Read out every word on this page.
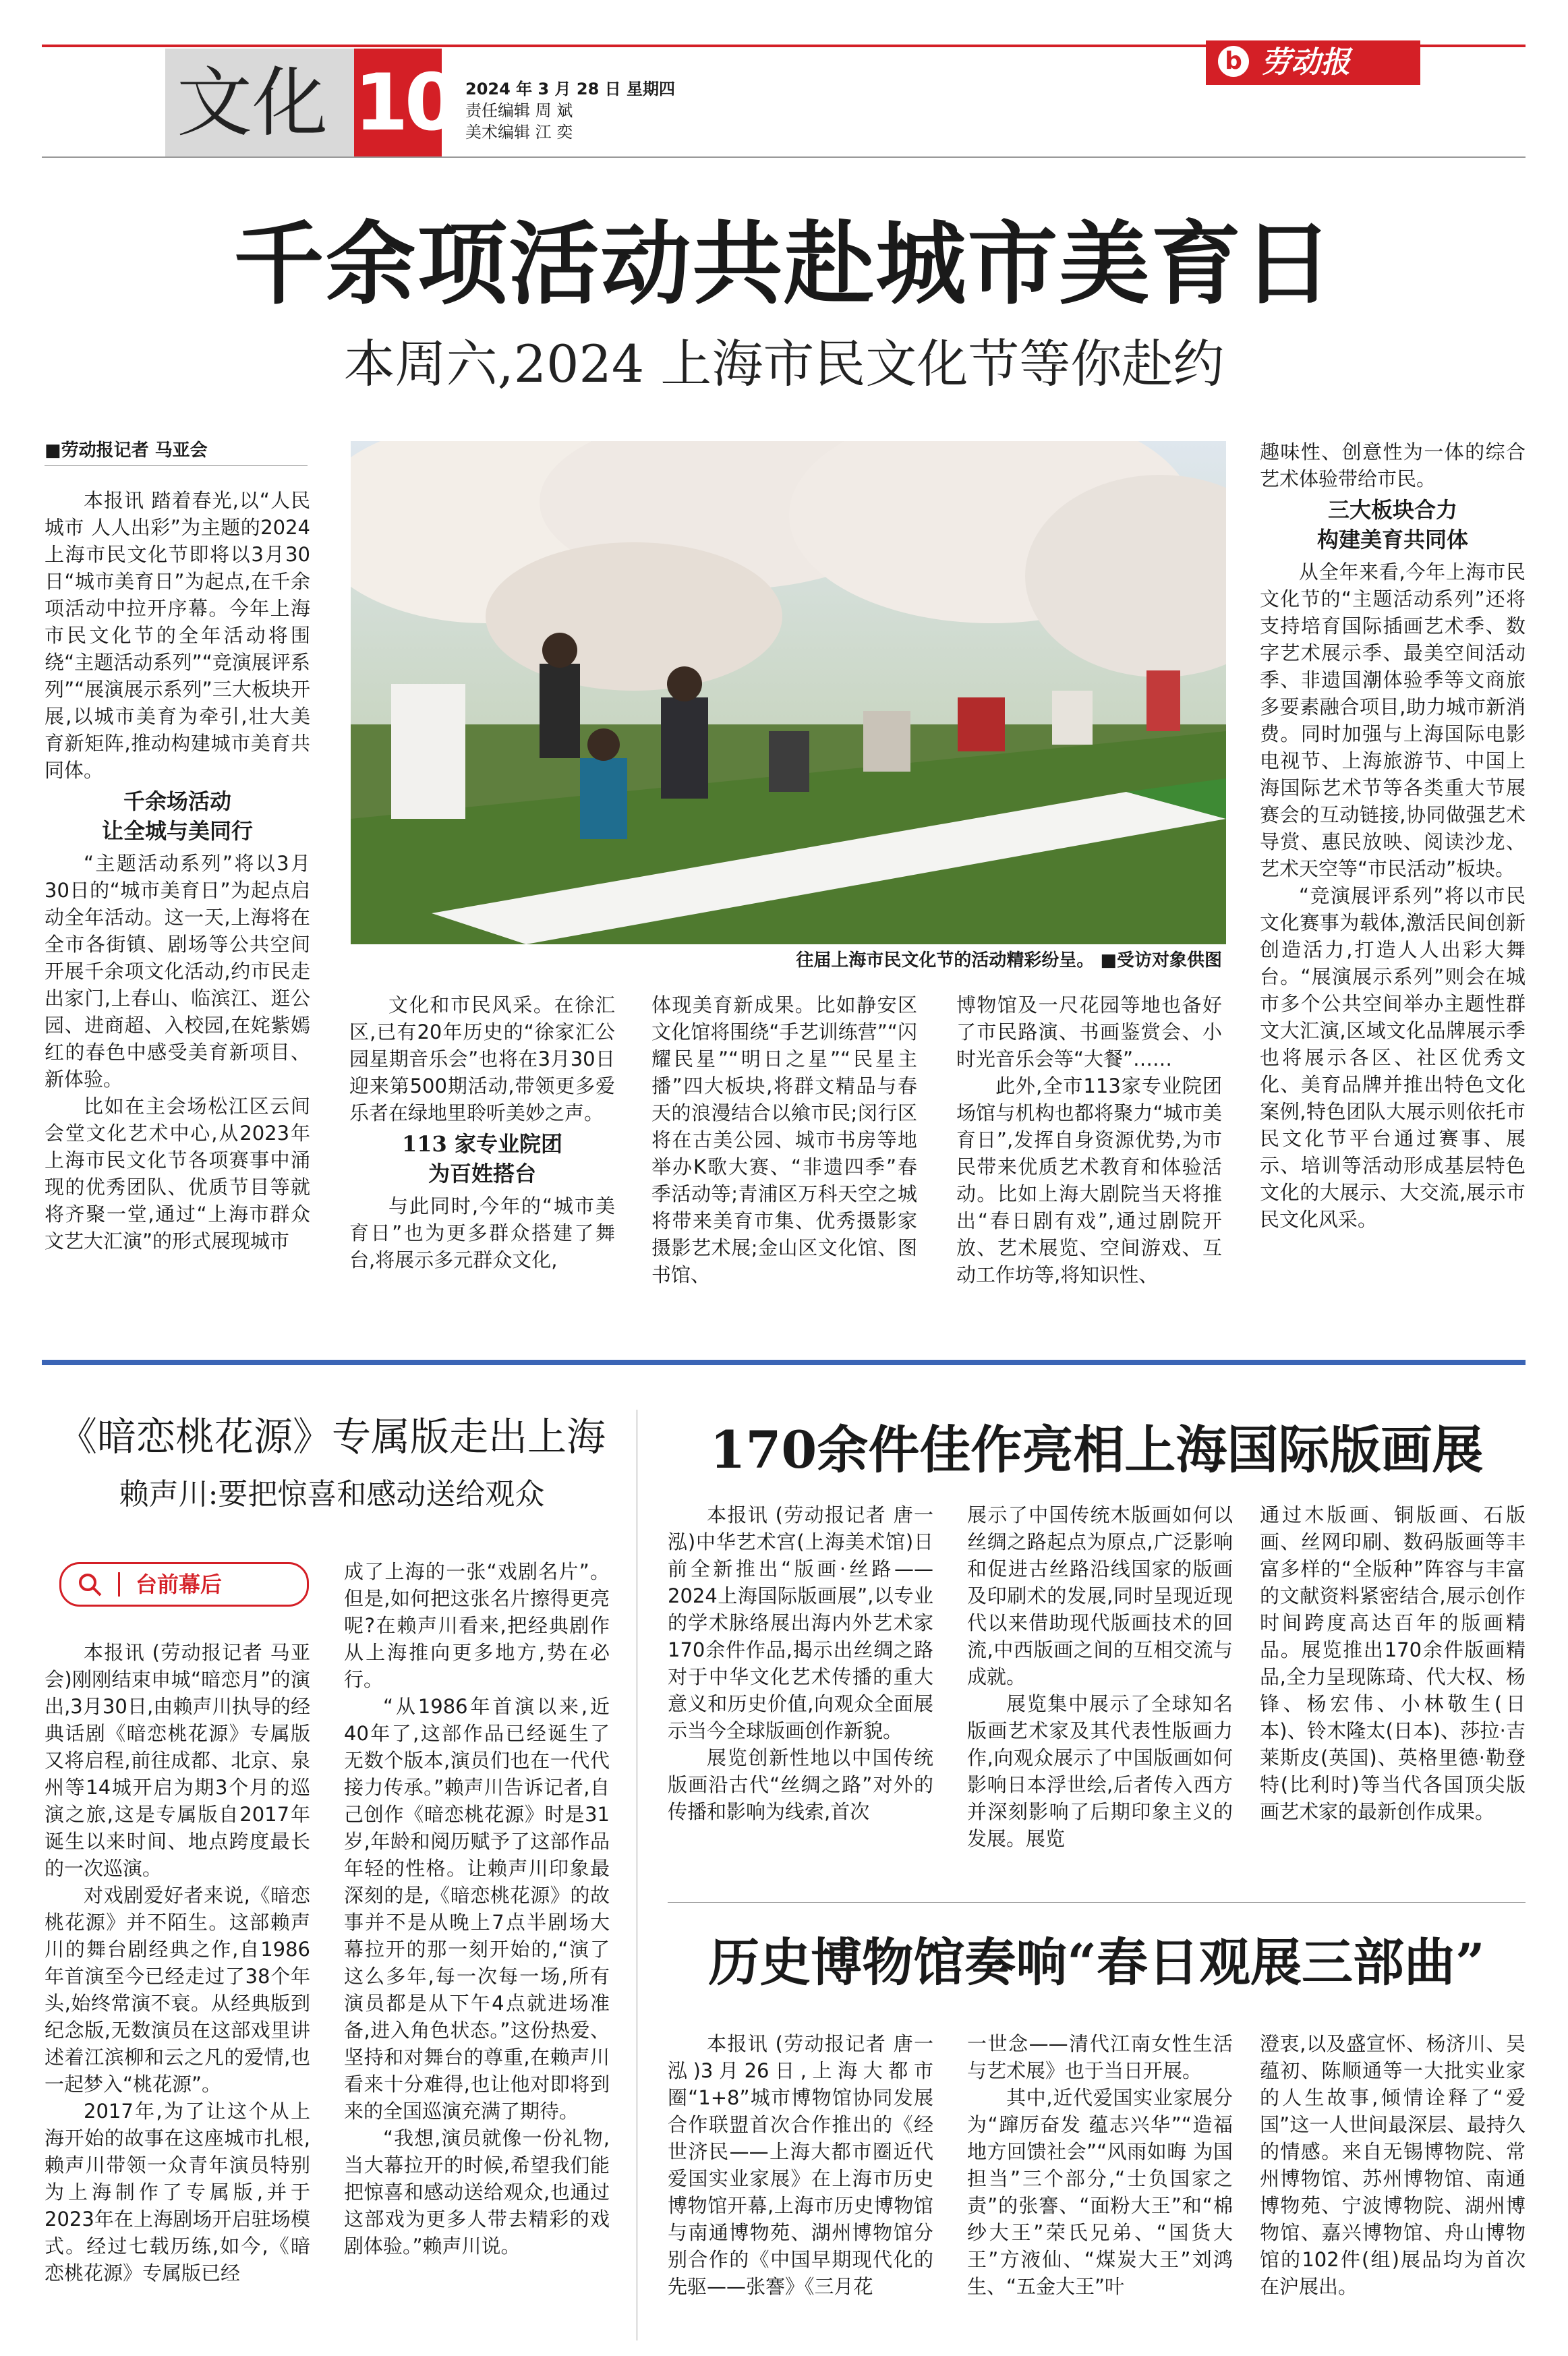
文化 10 2024 年 3 月 28 日 星期四
责任编辑 周 斌
美术编辑 江 奕
b 劳动报
千余项活动共赴城市美育日
本周六,2024 上海市民文化节等你赴约
■劳动报记者 马亚会
往届上海市民文化节的活动精彩纷呈。 ■受访对象供图

本报讯 踏着春光,以“人民城市 人人出彩”为主题的2024上海市民文化节即将以3月30日“城市美育日”为起点,在千余项活动中拉开序幕。今年上海市民文化节的全年活动将围绕“主题活动系列”“竞演展评系列”“展演展示系列”三大板块开展,以城市美育为牵引,壮大美育新矩阵,推动构建城市美育共同体。

千余场活动
让全城与美同行

“主题活动系列”将以3月30日的“城市美育日”为起点启动全年活动。这一天,上海将在全市各街镇、剧场等公共空间开展千余项文化活动,约市民走出家门,上春山、临滨江、逛公园、进商超、入校园,在姹紫嫣红的春色中感受美育新项目、新体验。

比如在主会场松江区云间会堂文化艺术中心,从2023年上海市民文化节各项赛事中涌现的优秀团队、优质节目等就将齐聚一堂,通过“上海市群众文艺大汇演”的形式展现城市

文化和市民风采。在徐汇区,已有20年历史的“徐家汇公园星期音乐会”也将在3月30日迎来第500期活动,带领更多爱乐者在绿地里聆听美妙之声。

113 家专业院团
为百姓搭台

与此同时,今年的“城市美育日”也为更多群众搭建了舞台,将展示多元群众文化,

体现美育新成果。比如静安区文化馆将围绕“手艺训练营”“闪耀民星”“明日之星”“民星主播”四大板块,将群文精品与春天的浪漫结合以飨市民;闵行区将在古美公园、城市书房等地举办K歌大赛、“非遗四季”春季活动等;青浦区万科天空之城将带来美育市集、优秀摄影家摄影艺术展;金山区文化馆、图书馆、

博物馆及一尺花园等地也备好了市民路演、书画鉴赏会、小时光音乐会等“大餐”……

此外,全市113家专业院团场馆与机构也都将聚力“城市美育日”,发挥自身资源优势,为市民带来优质艺术教育和体验活动。比如上海大剧院当天将推出“春日剧有戏”,通过剧院开放、艺术展览、空间游戏、互动工作坊等,将知识性、

趣味性、创意性为一体的综合艺术体验带给市民。

三大板块合力
构建美育共同体

从全年来看,今年上海市民文化节的“主题活动系列”还将支持培育国际插画艺术季、数字艺术展示季、最美空间活动季、非遗国潮体验季等文商旅多要素融合项目,助力城市新消费。同时加强与上海国际电影电视节、上海旅游节、中国上海国际艺术节等各类重大节展赛会的互动链接,协同做强艺术导赏、惠民放映、阅读沙龙、艺术天空等“市民活动”板块。

“竞演展评系列”将以市民文化赛事为载体,激活民间创新创造活力,打造人人出彩大舞台。“展演展示系列”则会在城市多个公共空间举办主题性群文大汇演,区域文化品牌展示季也将展示各区、社区优秀文化、美育品牌并推出特色文化案例,特色团队大展示则依托市民文化节平台通过赛事、展示、培训等活动形成基层特色文化的大展示、大交流,展示市民文化风采。

《暗恋桃花源》专属版走出上海
赖声川:要把惊喜和感动送给观众
台前幕后

本报讯 (劳动报记者 马亚会)刚刚结束申城“暗恋月”的演出,3月30日,由赖声川执导的经典话剧《暗恋桃花源》专属版又将启程,前往成都、北京、泉州等14城开启为期3个月的巡演之旅,这是专属版自2017年诞生以来时间、地点跨度最长的一次巡演。

对戏剧爱好者来说,《暗恋桃花源》并不陌生。这部赖声川的舞台剧经典之作,自1986年首演至今已经走过了38个年头,始终常演不衰。从经典版到纪念版,无数演员在这部戏里讲述着江滨柳和云之凡的爱情,也一起梦入“桃花源”。

2017年,为了让这个从上海开始的故事在这座城市扎根,赖声川带领一众青年演员特别为上海制作了专属版,并于2023年在上海剧场开启驻场模式。经过七载历练,如今,《暗恋桃花源》专属版已经

成了上海的一张“戏剧名片”。但是,如何把这张名片擦得更亮呢?在赖声川看来,把经典剧作从上海推向更多地方,势在必行。

“从1986年首演以来,近40年了,这部作品已经诞生了无数个版本,演员们也在一代代接力传承。”赖声川告诉记者,自己创作《暗恋桃花源》时是31岁,年龄和阅历赋予了这部作品年轻的性格。让赖声川印象最深刻的是,《暗恋桃花源》的故事并不是从晚上7点半剧场大幕拉开的那一刻开始的,“演了这么多年,每一次每一场,所有演员都是从下午4点就进场准备,进入角色状态。”这份热爱、坚持和对舞台的尊重,在赖声川看来十分难得,也让他对即将到来的全国巡演充满了期待。

“我想,演员就像一份礼物,当大幕拉开的时候,希望我们能把惊喜和感动送给观众,也通过这部戏为更多人带去精彩的戏剧体验。”赖声川说。

170余件佳作亮相上海国际版画展

本报讯 (劳动报记者 唐一泓)中华艺术宫(上海美术馆)日前全新推出“版画·丝路——2024上海国际版画展”,以专业的学术脉络展出海内外艺术家170余件作品,揭示出丝绸之路对于中华文化艺术传播的重大意义和历史价值,向观众全面展示当今全球版画创作新貌。

展览创新性地以中国传统版画沿古代“丝绸之路”对外的传播和影响为线索,首次

展示了中国传统木版画如何以丝绸之路起点为原点,广泛影响和促进古丝路沿线国家的版画及印刷术的发展,同时呈现近现代以来借助现代版画技术的回流,中西版画之间的互相交流与成就。

展览集中展示了全球知名版画艺术家及其代表性版画力作,向观众展示了中国版画如何影响日本浮世绘,后者传入西方并深刻影响了后期印象主义的发展。展览

通过木版画、铜版画、石版画、丝网印刷、数码版画等丰富多样的“全版种”阵容与丰富的文献资料紧密结合,展示创作时间跨度高达百年的版画精品。展览推出170余件版画精品,全力呈现陈琦、代大权、杨锋、杨宏伟、小林敬生(日本)、铃木隆太(日本)、莎拉·吉莱斯皮(英国)、英格里德·勒登特(比利时)等当代各国顶尖版画艺术家的最新创作成果。

历史博物馆奏响“春日观展三部曲”

本报讯 (劳动报记者 唐一泓)3月26日,上海大都市圈“1+8”城市博物馆协同发展合作联盟首次合作推出的《经世济民——上海大都市圈近代爱国实业家展》在上海市历史博物馆开幕,上海市历史博物馆与南通博物苑、湖州博物馆分别合作的《中国早期现代化的先驱——张謇》《三月花

一世念——清代江南女性生活与艺术展》也于当日开展。

其中,近代爱国实业家展分为“蹿厉奋发 蕴志兴华”“造福地方回馈社会”“风雨如晦 为国担当”三个部分,“士负国家之责”的张謇、“面粉大王”和“棉纱大王”荣氏兄弟、“国货大王”方液仙、“煤炭大王”刘鸿生、“五金大王”叶

澄衷,以及盛宣怀、杨济川、吴蕴初、陈顺通等一大批实业家的人生故事,倾情诠释了“爱国”这一人世间最深层、最持久的情感。来自无锡博物院、常州博物馆、苏州博物馆、南通博物苑、宁波博物院、湖州博物馆、嘉兴博物馆、舟山博物馆的102件(组)展品均为首次在沪展出。
